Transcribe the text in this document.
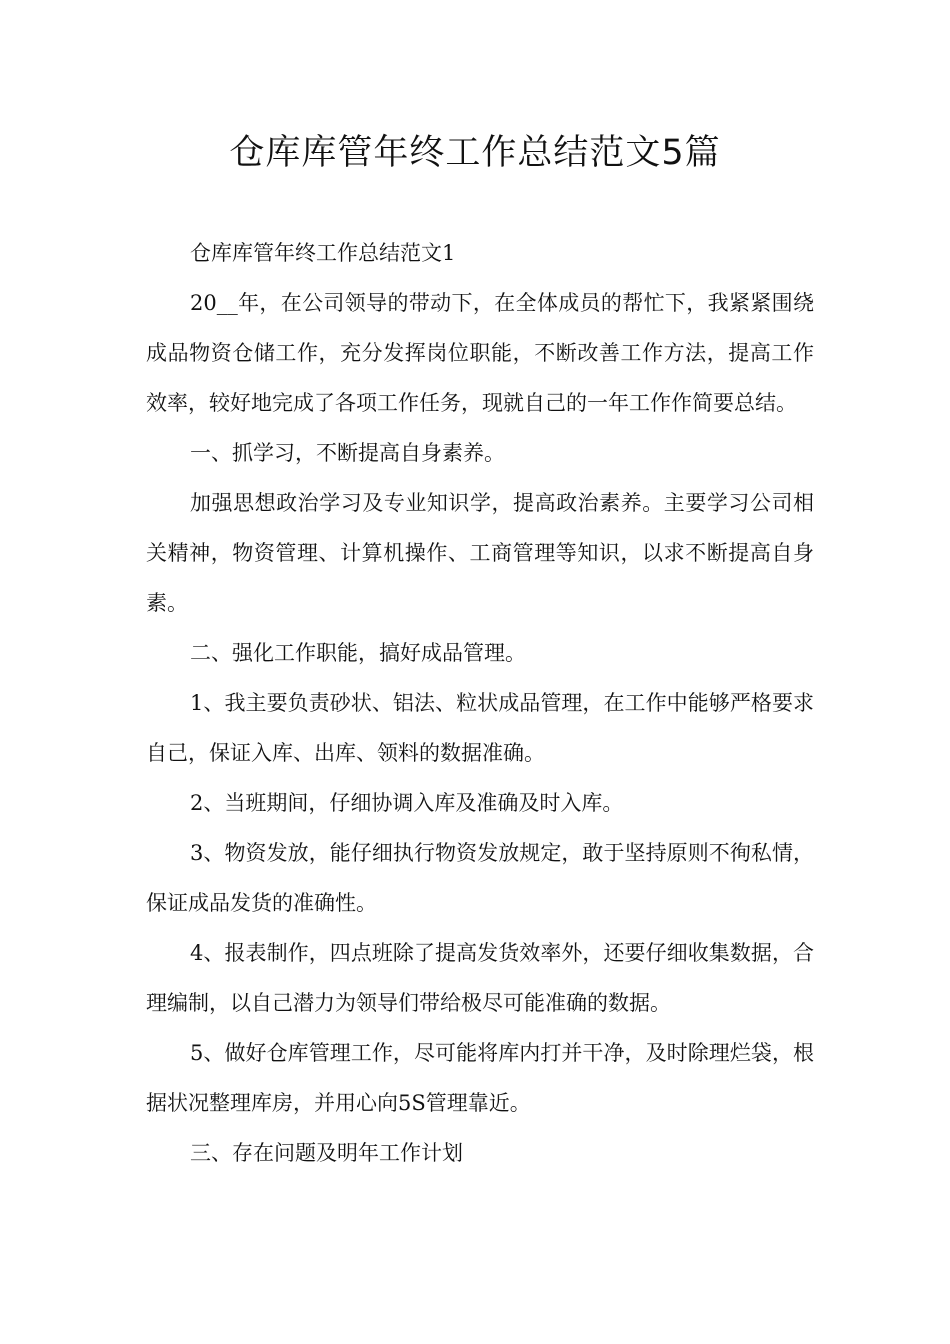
仓库库管年终工作总结范文5篇

仓库库管年终工作总结范文1

20__年，在公司领导的带动下，在全体成员的帮忙下，我紧紧围绕成品物资仓储工作，充分发挥岗位职能，不断改善工作方法，提高工作效率，较好地完成了各项工作任务，现就自己的一年工作作简要总结。

一、抓学习，不断提高自身素养。

加强思想政治学习及专业知识学，提高政治素养。主要学习公司相关精神，物资管理、计算机操作、工商管理等知识，以求不断提高自身素。

二、强化工作职能，搞好成品管理。

1、我主要负责砂状、铝法、粒状成品管理，在工作中能够严格要求自己，保证入库、出库、领料的数据准确。

2、当班期间，仔细协调入库及准确及时入库。

3、物资发放，能仔细执行物资发放规定，敢于坚持原则不徇私情，保证成品发货的准确性。

4、报表制作，四点班除了提高发货效率外，还要仔细收集数据，合理编制，以自己潜力为领导们带给极尽可能准确的数据。

5、做好仓库管理工作，尽可能将库内打并干净，及时除理烂袋，根据状况整理库房，并用心向5S管理靠近。

三、存在问题及明年工作计划
